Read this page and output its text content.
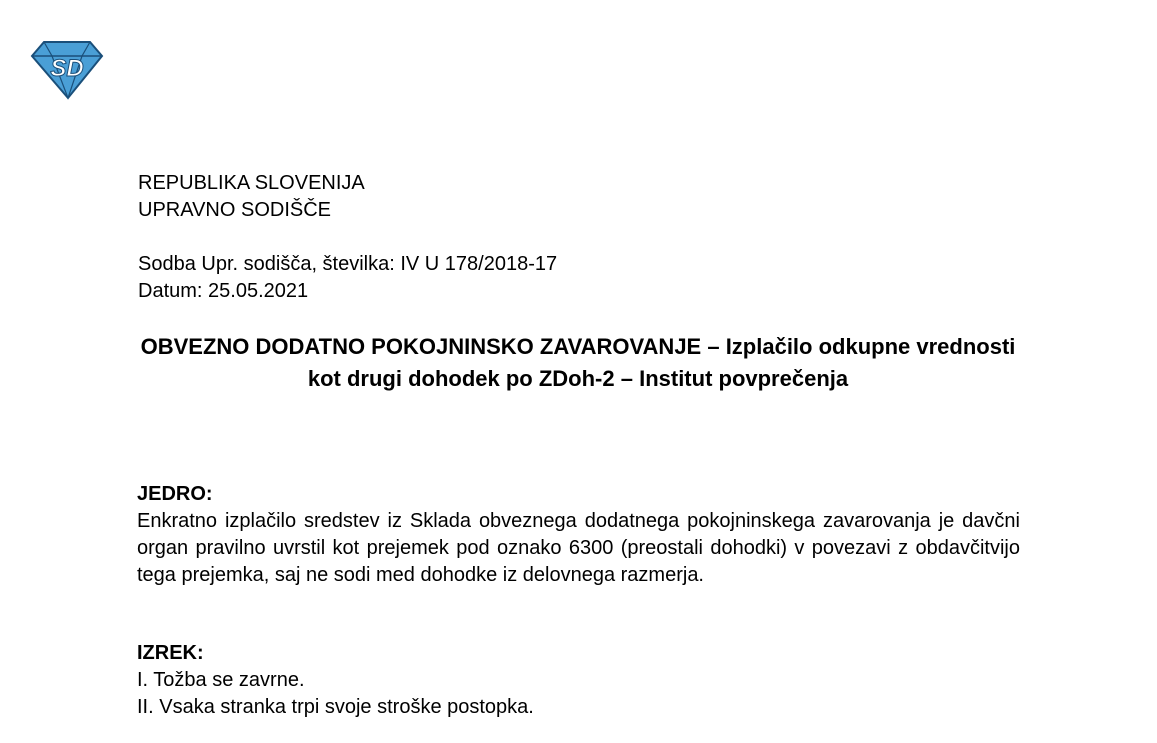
SD
REPUBLIKA SLOVENIJA
UPRAVNO SODIŠČE
Sodba Upr. sodišča, številka: IV U 178/2018-17
Datum: 25.05.2021
OBVEZNO DODATNO POKOJNINSKO ZAVAROVANJE – Izplačilo odkupne vrednosti kot drugi dohodek po ZDoh-2 – Institut povprečenja
JEDRO:
Enkratno izplačilo sredstev iz Sklada obveznega dodatnega pokojninskega zavarovanja je davčni organ pravilno uvrstil kot prejemek pod oznako 6300 (preostali dohodki) v povezavi z obdavčitvijo tega prejemka, saj ne sodi med dohodke iz delovnega razmerja.
IZREK:
I. Tožba se zavrne.
II. Vsaka stranka trpi svoje stroške postopka.
